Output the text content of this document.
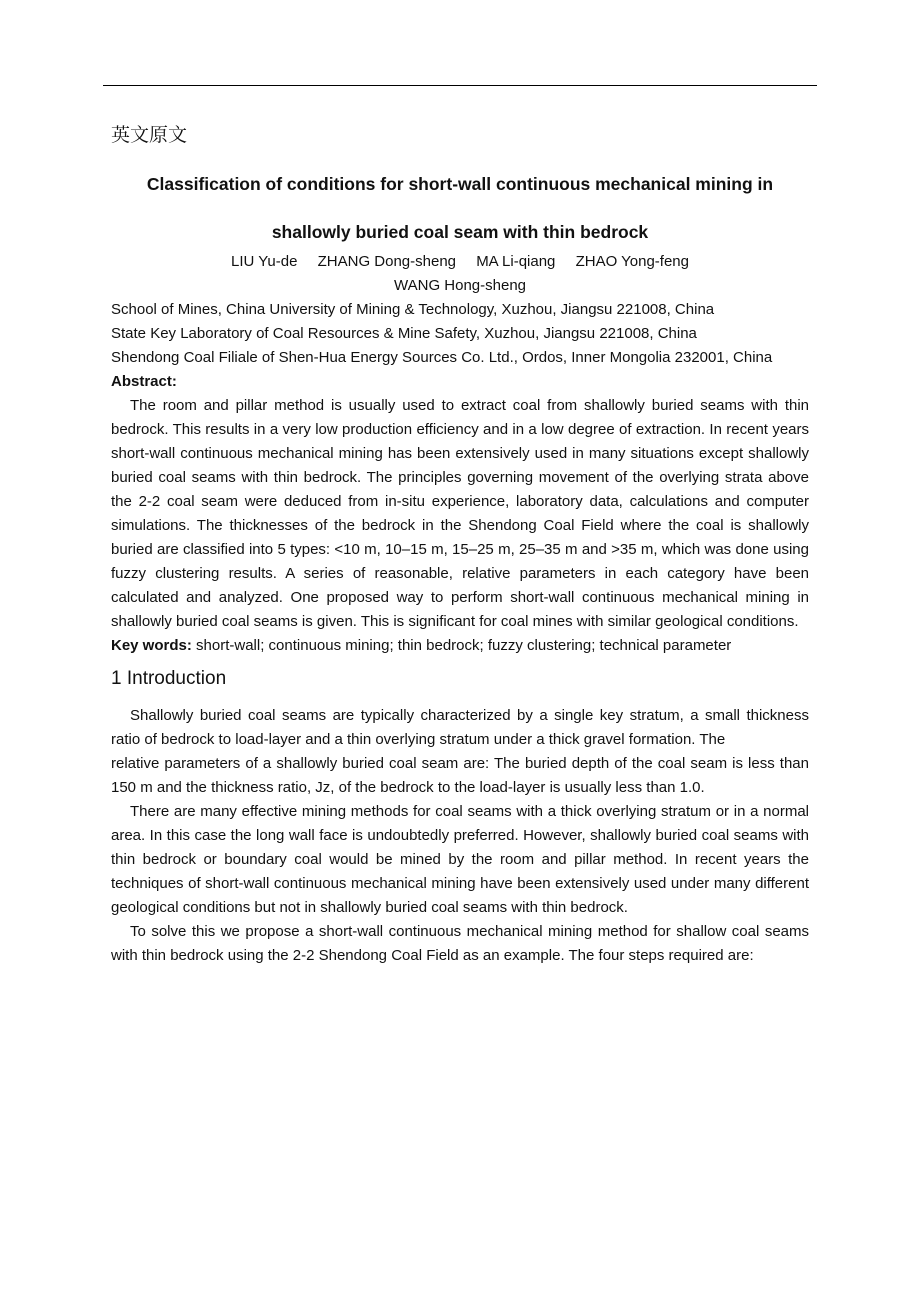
英文原文

Classification of conditions for short-wall continuous mechanical mining in

shallowly buried coal seam with thin bedrock

LIU Yu-de ZHANG Dong-sheng MA Li-qiang ZHAO Yong-feng

WANG Hong-sheng

School of Mines, China University of Mining & Technology, Xuzhou, Jiangsu 221008, China

State Key Laboratory of Coal Resources & Mine Safety, Xuzhou, Jiangsu 221008, China

Shendong Coal Filiale of Shen-Hua Energy Sources Co. Ltd., Ordos, Inner Mongolia 232001, China

Abstract:

The room and pillar method is usually used to extract coal from shallowly buried seams with thin bedrock. This results in a very low production efficiency and in a low degree of extraction. In recent years short-wall continuous mechanical mining has been extensively used in many situations except shallowly buried coal seams with thin bedrock. The principles governing movement of the overlying strata above the 2-2 coal seam were deduced from in-situ experience, laboratory data, calculations and computer simulations. The thicknesses of the bedrock in the Shendong Coal Field where the coal is shallowly buried are classified into 5 types: <10 m, 10–15 m, 15–25 m, 25–35 m and >35 m, which was done using fuzzy clustering results. A series of reasonable, relative parameters in each category have been calculated and analyzed. One proposed way to perform short-wall continuous mechanical mining in shallowly buried coal seams is given. This is significant for coal mines with similar geological conditions.

Key words: short-wall; continuous mining; thin bedrock; fuzzy clustering; technical parameter

1 Introduction

Shallowly buried coal seams are typically characterized by a single key stratum, a small thickness ratio of bedrock to load-layer and a thin overlying stratum under a thick gravel formation. The

relative parameters of a shallowly buried coal seam are: The buried depth of the coal seam is less than 150 m and the thickness ratio, Jz, of the bedrock to the load-layer is usually less than 1.0.

There are many effective mining methods for coal seams with a thick overlying stratum or in a normal area. In this case the long wall face is undoubtedly preferred. However, shallowly buried coal seams with thin bedrock or boundary coal would be mined by the room and pillar method. In recent years the techniques of short-wall continuous mechanical mining have been extensively used under many different geological conditions but not in shallowly buried coal seams with thin bedrock.

To solve this we propose a short-wall continuous mechanical mining method for shallow coal seams with thin bedrock using the 2-2 Shendong Coal Field as an example. The four steps required are:
